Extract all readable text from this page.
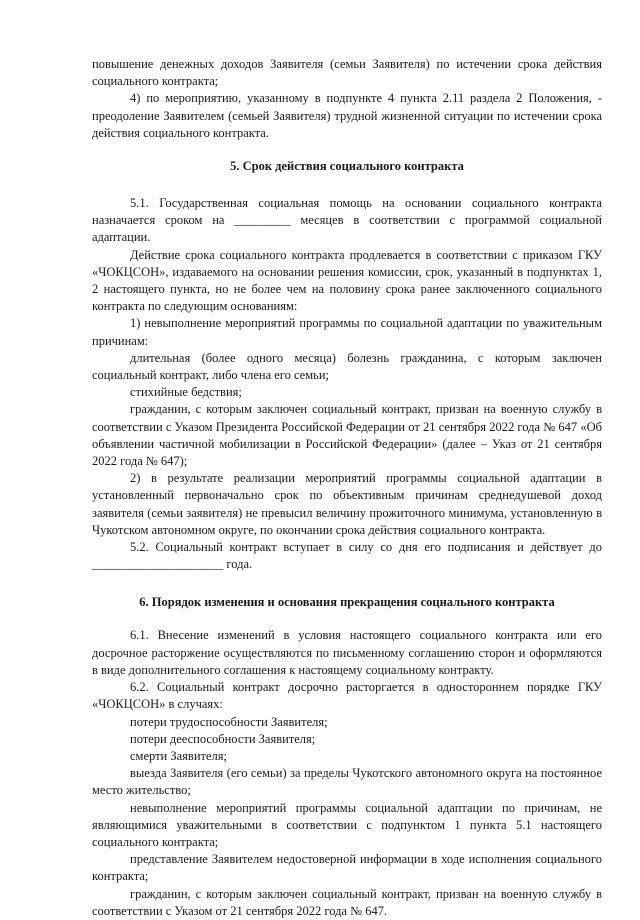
повышение денежных доходов Заявителя (семьи Заявителя) по истечении срока действия социального контракта;

4) по мероприятию, указанному в подпункте 4 пункта 2.11 раздела 2 Положения, - преодоление Заявителем (семьей Заявителя) трудной жизненной ситуации по истечении срока действия социального контракта.

5. Срок действия социального контракта

5.1. Государственная социальная помощь на основании социального контракта назначается сроком на _________ месяцев в соответствии с программой социальной адаптации.

Действие срока социального контракта продлевается в соответствии с приказом ГКУ «ЧОКЦСОН», издаваемого на основании решения комиссии, срок, указанный в подпунктах 1, 2 настоящего пункта, но не более чем на половину срока ранее заключенного социального контракта по следующим основаниям:

1) невыполнение мероприятий программы по социальной адаптации по уважительным причинам:

длительная (более одного месяца) болезнь гражданина, с которым заключен социальный контракт, либо члена его семьи;

стихийные бедствия;

гражданин, с которым заключен социальный контракт, призван на военную службу в соответствии с Указом Президента Российской Федерации от 21 сентября 2022 года № 647 «Об объявлении частичной мобилизации в Российской Федерации» (далее – Указ от 21 сентября 2022 года № 647);

2) в результате реализации мероприятий программы социальной адаптации в установленный первоначально срок по объективным причинам среднедушевой доход заявителя (семьи заявителя) не превысил величину прожиточного минимума, установленную в Чукотском автономном округе, по окончании срока действия социального контракта.

5.2. Социальный контракт вступает в силу со дня его подписания и действует до _____________________ года.

6. Порядок изменения и основания прекращения социального контракта

6.1. Внесение изменений в условия настоящего социального контракта или его досрочное расторжение осуществляются по письменному соглашению сторон и оформляются в виде дополнительного соглашения к настоящему социальному контракту.

6.2. Социальный контракт досрочно расторгается в одностороннем порядке ГКУ «ЧОКЦСОН» в случаях:

потери трудоспособности Заявителя;

потери дееспособности Заявителя;

смерти Заявителя;

выезда Заявителя (его семьи) за пределы Чукотского автономного округа на постоянное место жительство;

невыполнение мероприятий программы социальной адаптации по причинам, не являющимися уважительными в соответствии с подпунктом 1 пункта 5.1 настоящего социального контракта;

представление Заявителем недостоверной информации в ходе исполнения социального контракта;

гражданин, с которым заключен социальный контракт, призван на военную службу в соответствии с Указом от 21 сентября 2022 года № 647.
